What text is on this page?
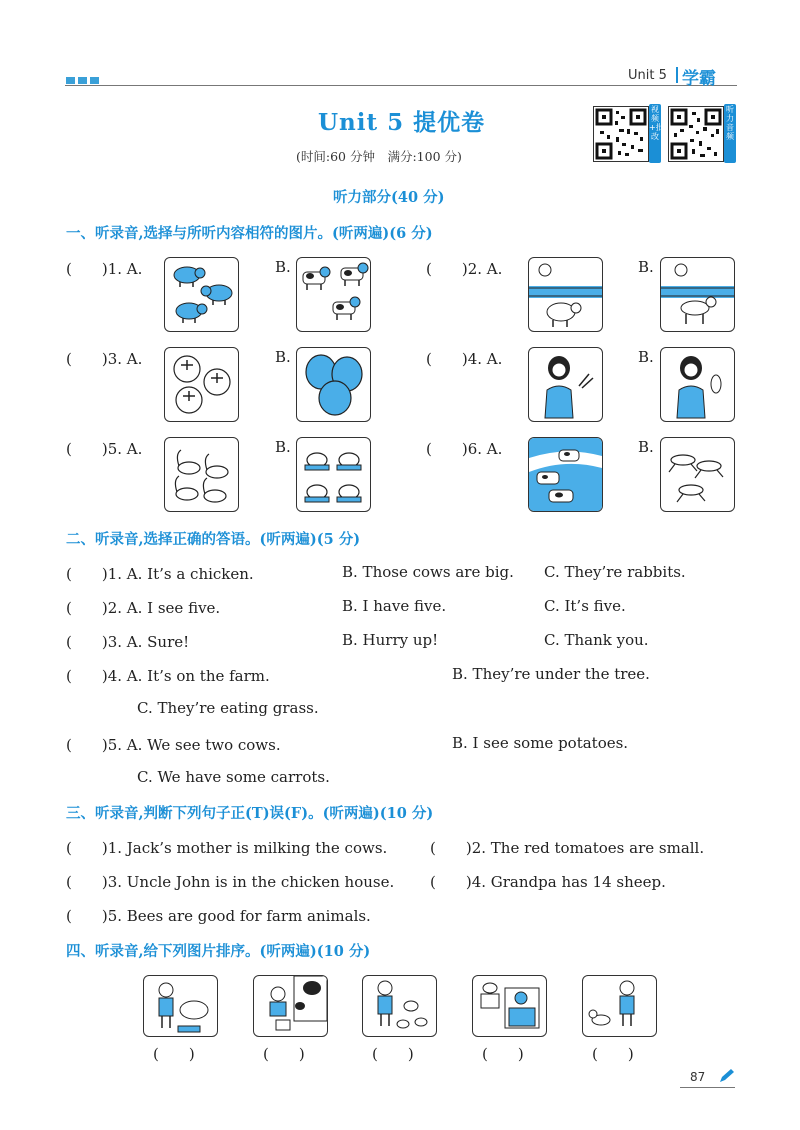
Unit 5 学霸
视频+批改
听力音频
Unit 5 提优卷
(时间:60 分钟　满分:100 分)
听力部分(40 分)
一、听录音,选择与所听内容相符的图片。(听两遍)(6 分)
(　　)1. A.	B.	(　　)2. A.	B.
(　　)3. A.	B.	(　　)4. A.	B.
(　　)5. A.	B.	(　　)6. A.	B.
二、听录音,选择正确的答语。(听两遍)(5 分)
(　　)1. A. It’s a chicken.	B. Those cows are big. C. They’re rabbits.
(　　)2. A. I see five.	B. I have five.	C. It’s five.
(　　)3. A. Sure!	B. Hurry up!	C. Thank you.
(　　)4. A. It’s on the farm.	B. They’re under the tree.
C. They’re eating grass.
(　　)5. A. We see two cows.	B. I see some potatoes.
C. We have some carrots.
三、听录音,判断下列句子正(T)误(F)。(听两遍)(10 分)
(　　)1. Jack’s mother is milking the cows.	(　　)2. The red tomatoes are small.
(　　)3. Uncle John is in the chicken house. (　　)4. Grandpa has 14 sheep.
(　　)5. Bees are good for farm animals.
四、听录音,给下列图片排序。(听两遍)(10 分)
(　　)	(　　)	(　　)	(　　)	(　　)
87
